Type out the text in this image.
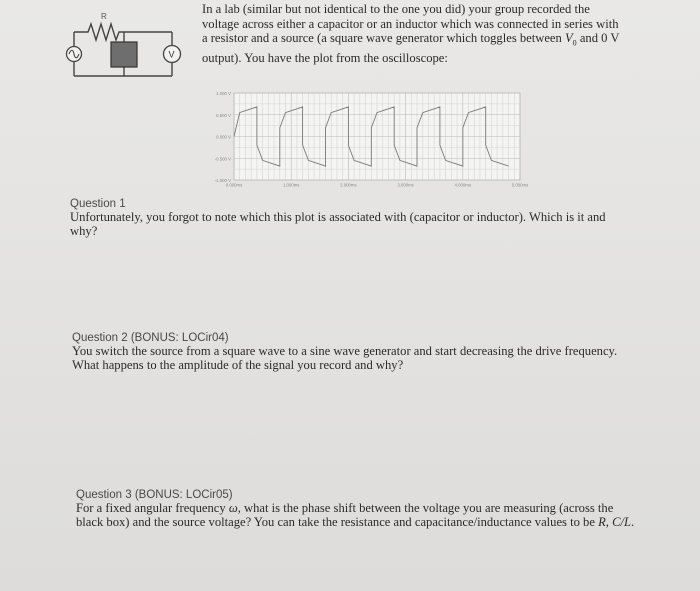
R
V
In a lab (similar but not identical to the one you did) your group recorded the voltage across either a capacitor or an inductor which was connected in series with a resistor and a source (a square wave generator which toggles between $V_0$ and 0 V output). You have the plot from the oscilloscope:
1.000 V
0.500 V
0.000 V
-0.500 V
-1.000 V
0.000ms	1.000ms	2.000ms	3.000ms	4.000ms	5.000ms
Question 1
Unfortunately, you forgot to note which this plot is associated with (capacitor or inductor). Which is it and why?
Question 2 (BONUS: LOCir04)
You switch the source from a square wave to a sine wave generator and start decreasing the drive frequency. What happens to the amplitude of the signal you record and why?
Question 3 (BONUS: LOCir05)
For a fixed angular frequency ω, what is the phase shift between the voltage you are measuring (across the black box) and the source voltage? You can take the resistance and capacitance/inductance values to be R, C/L.
